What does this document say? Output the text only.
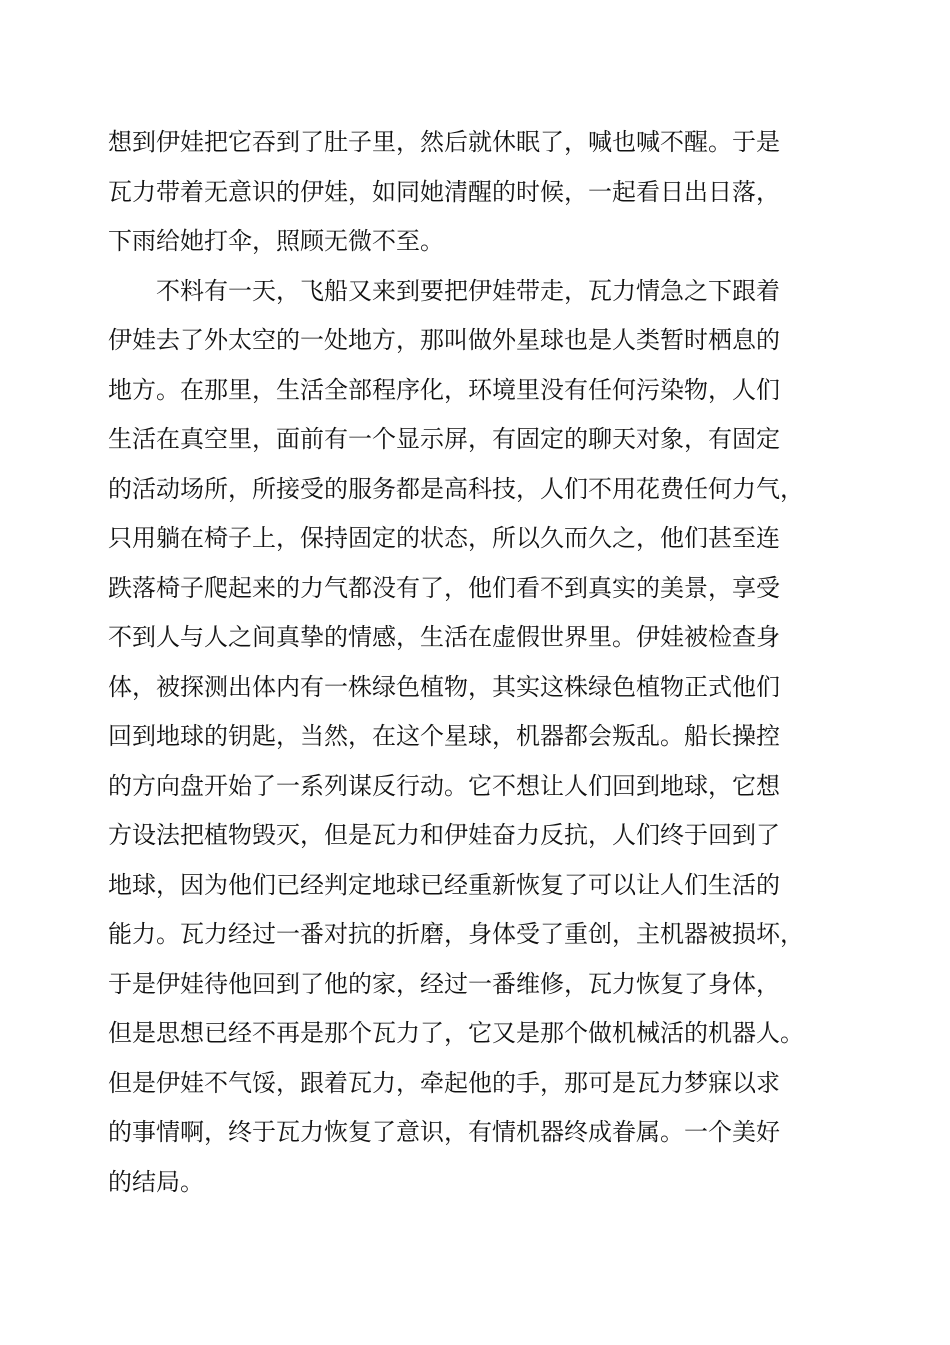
想到伊娃把它吞到了肚子里，然后就休眠了，喊也喊不醒。于是
瓦力带着无意识的伊娃，如同她清醒的时候，一起看日出日落，
下雨给她打伞，照顾无微不至。
　　不料有一天，飞船又来到要把伊娃带走，瓦力情急之下跟着
伊娃去了外太空的一处地方，那叫做外星球也是人类暂时栖息的
地方。在那里，生活全部程序化，环境里没有任何污染物，人们
生活在真空里，面前有一个显示屏，有固定的聊天对象，有固定
的活动场所，所接受的服务都是高科技，人们不用花费任何力气，
只用躺在椅子上，保持固定的状态，所以久而久之，他们甚至连
跌落椅子爬起来的力气都没有了，他们看不到真实的美景，享受
不到人与人之间真挚的情感，生活在虚假世界里。伊娃被检查身
体，被探测出体内有一株绿色植物，其实这株绿色植物正式他们
回到地球的钥匙，当然，在这个星球，机器都会叛乱。船长操控
的方向盘开始了一系列谋反行动。它不想让人们回到地球，它想
方设法把植物毁灭，但是瓦力和伊娃奋力反抗，人们终于回到了
地球，因为他们已经判定地球已经重新恢复了可以让人们生活的
能力。瓦力经过一番对抗的折磨，身体受了重创，主机器被损坏，
于是伊娃待他回到了他的家，经过一番维修，瓦力恢复了身体，
但是思想已经不再是那个瓦力了，它又是那个做机械活的机器人。
但是伊娃不气馁，跟着瓦力，牵起他的手，那可是瓦力梦寐以求
的事情啊，终于瓦力恢复了意识，有情机器终成眷属。一个美好
的结局。
